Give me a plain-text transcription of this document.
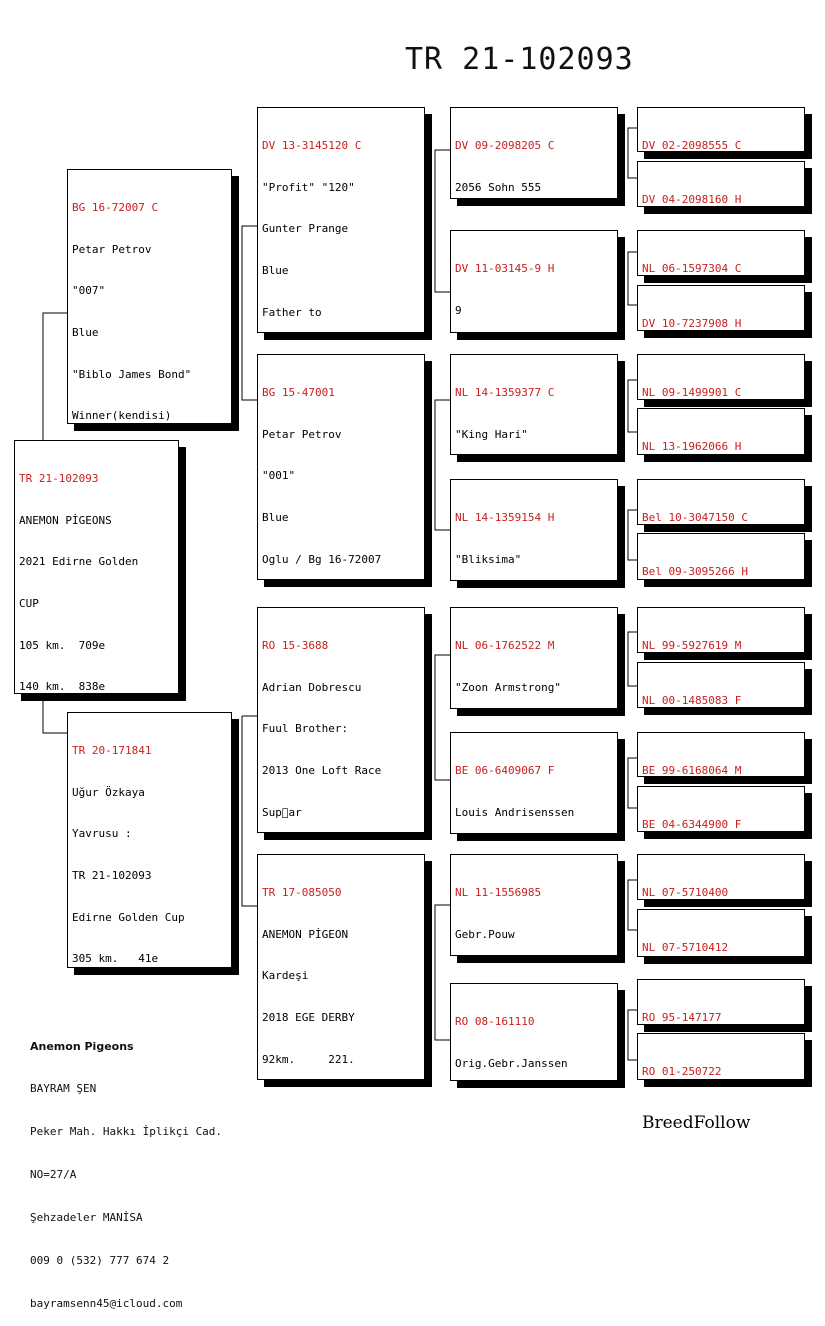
TR 21-102093

TR 21-102093

ANEMON PİGEONS

2021 Edirne Golden

CUP

105 km.  709e

140 km.  838e

BG 16-72007 C

Petar Petrov

"007"

Blue

"Biblo James Bond"

Winner(kendisi)

TR 20-171841

Uğur Özkaya

Yavrusu :

TR 21-102093

Edirne Golden Cup

305 km.   41e

DV 13-3145120 C

"Profit" "120"

Gunter Prange

Blue

Father to

BG 15-47001

Petar Petrov

"001"

Blue

Oglu / Bg 16-72007

RO 15-3688

Adrian Dobrescu

Fuul Brother:

2013 One Loft Race

Sup ar

TR 17-085050

ANEMON PİGEON

Kardeşi

2018 EGE DERBY

92km.     221.

DV 09-2098205 C

2056 Sohn 555

DV 11-03145-9 H

9

NL 14-1359377 C

"King Hari"

NL 14-1359154 H

"Bliksima"

NL 06-1762522 M

"Zoon Armstrong"

BE 06-6409067 F

Louis Andrisenssen

NL 11-1556985

Gebr.Pouw

RO 08-161110

Orig.Gebr.Janssen

DV 02-2098555 C

DV 04-2098160 H

NL 06-1597304 C

DV 10-7237908 H

NL 09-1499901 C

NL 13-1962066 H

Bel 10-3047150 C

Bel 09-3095266 H

NL 99-5927619 M

NL 00-1485083 F

BE 99-6168064 M

BE 04-6344900 F

NL 07-5710400

NL 07-5710412

RO 95-147177

RO 01-250722

Anemon Pigeons

BAYRAM ŞEN

Peker Mah. Hakkı İplikçi Cad.

NO=27/A

Şehzadeler MANİSA

009 0 (532) 777 674 2

bayramsenn45@icloud.com

BreedFollow
